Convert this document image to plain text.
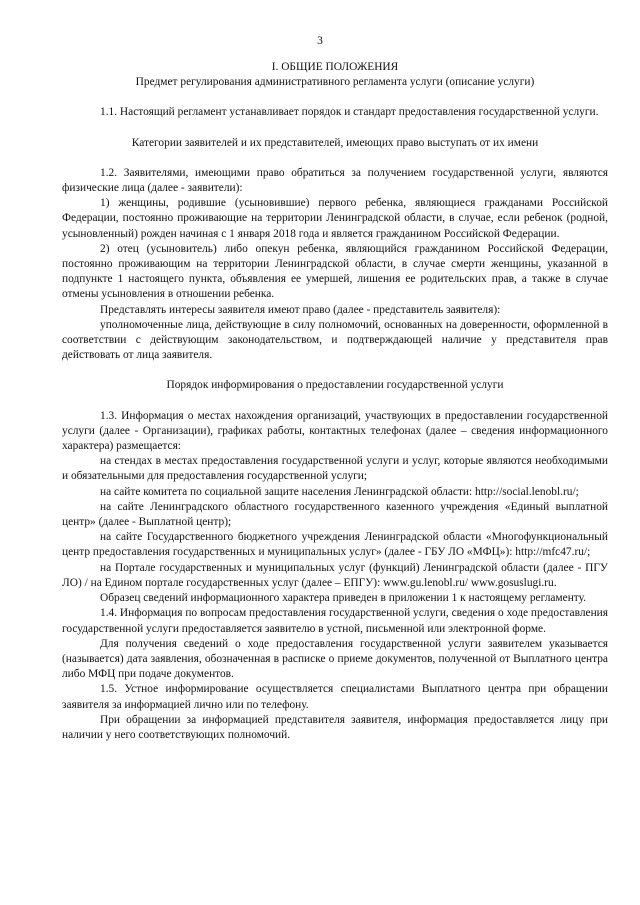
3

I. ОБЩИЕ ПОЛОЖЕНИЯ

Предмет регулирования административного регламента услуги (описание услуги)

1.1. Настоящий регламент устанавливает порядок и стандарт предоставления государственной услуги.

Категории заявителей и их представителей, имеющих право выступать от их имени

1.2. Заявителями, имеющими право обратиться за получением государственной услуги, являются физические лица (далее - заявители):

1) женщины, родившие (усыновившие) первого ребенка, являющиеся гражданами Российской Федерации, постоянно проживающие на территории Ленинградской области, в случае, если ребенок (родной, усыновленный) рожден начиная с 1 января 2018 года и является гражданином Российской Федерации.

2) отец (усыновитель) либо опекун ребенка, являющийся гражданином Российской Федерации, постоянно проживающим на территории Ленинградской области, в случае смерти женщины, указанной в подпункте 1 настоящего пункта, объявления ее умершей, лишения ее родительских прав, а также в случае отмены усыновления в отношении ребенка.

Представлять интересы заявителя имеют право (далее - представитель заявителя):

уполномоченные лица, действующие в силу полномочий, основанных на доверенности, оформленной в соответствии с действующим законодательством, и подтверждающей наличие у представителя прав действовать от лица заявителя.

Порядок информирования о предоставлении государственной услуги

1.3. Информация о местах нахождения организаций, участвующих в предоставлении государственной услуги (далее - Организации), графиках работы, контактных телефонах (далее – сведения информационного характера) размещается:

на стендах в местах предоставления государственной услуги и услуг, которые являются необходимыми и обязательными для предоставления государственной услуги;

на сайте комитета по социальной защите населения Ленинградской области: http://social.lenobl.ru/;

на сайте Ленинградского областного государственного казенного учреждения «Единый выплатной центр» (далее - Выплатной центр);

на сайте Государственного бюджетного учреждения Ленинградской области «Многофункциональный центр предоставления государственных и муниципальных услуг» (далее - ГБУ ЛО «МФЦ»): http://mfc47.ru/;

на Портале государственных и муниципальных услуг (функций) Ленинградской области (далее - ПГУ ЛО) / на Едином портале государственных услуг (далее – ЕПГУ): www.gu.lenobl.ru/ www.gosuslugi.ru.

Образец сведений информационного характера приведен в приложении 1 к настоящему регламенту.

1.4. Информация по вопросам предоставления государственной услуги, сведения о ходе предоставления государственной услуги предоставляется заявителю в устной, письменной или электронной форме.

Для получения сведений о ходе предоставления государственной услуги заявителем указывается (называется) дата заявления, обозначенная в расписке о приеме документов, полученной от Выплатного центра либо МФЦ при подаче документов.

1.5. Устное информирование осуществляется специалистами Выплатного центра при обращении заявителя за информацией лично или по телефону.

При обращении за информацией представителя заявителя, информация предоставляется лицу при наличии у него соответствующих полномочий.
